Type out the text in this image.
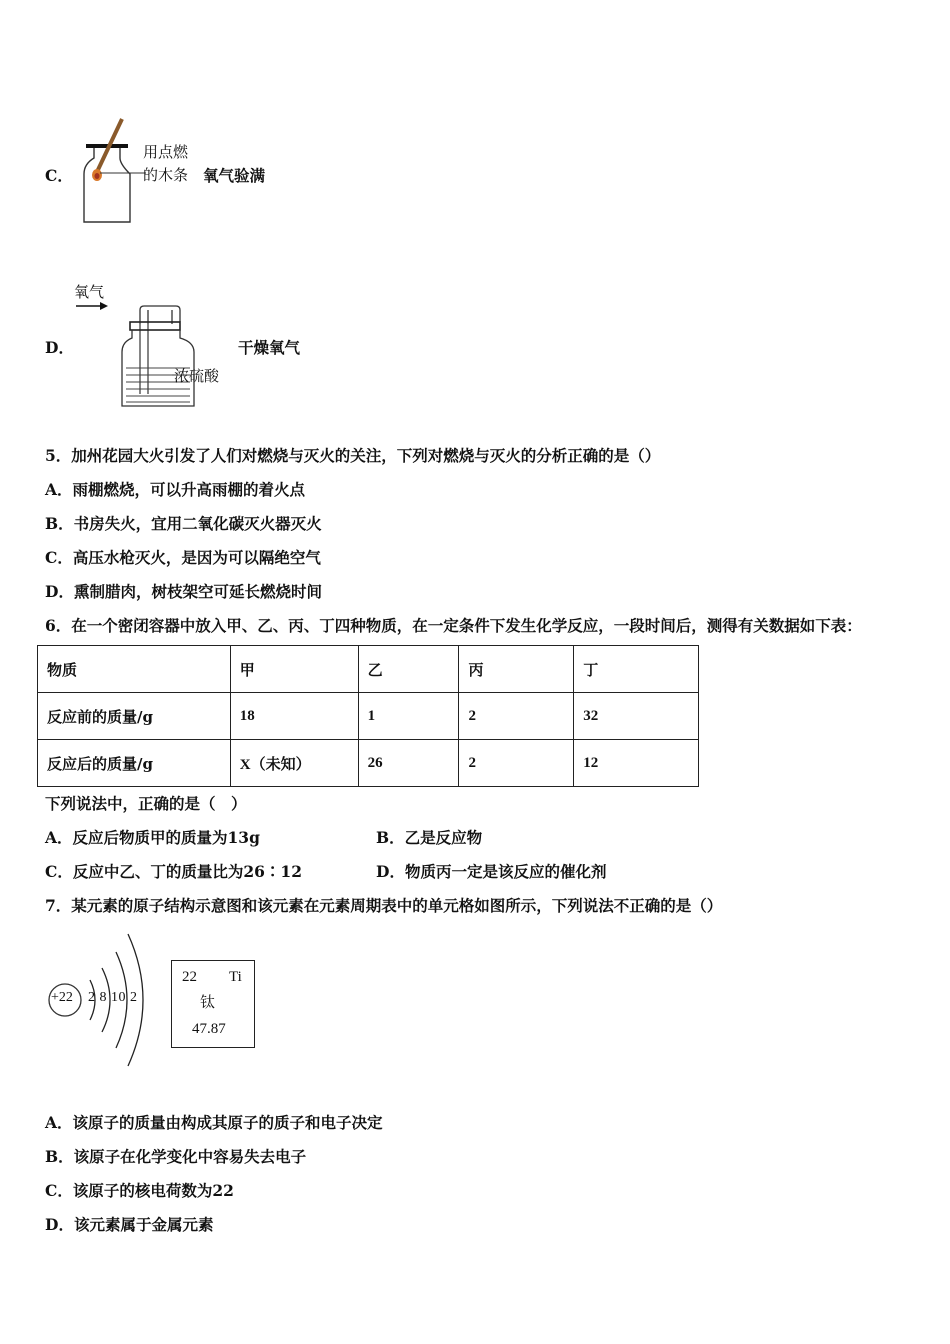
C．
用点燃
的木条 氧气验满
D．
氧气
浓硫酸
干燥氧气
5．加州花园大火引发了人们对燃烧与灭火的关注，下列对燃烧与灭火的分析正确的是（）
A．雨棚燃烧，可以升高雨棚的着火点
B．书房失火，宜用二氧化碳灭火器灭火
C．高压水枪灭火，是因为可以隔绝空气
D．熏制腊肉，树枝架空可延长燃烧时间
6．在一个密闭容器中放入甲、乙、丙、丁四种物质，在一定条件下发生化学反应，一段时间后，测得有关数据如下表：
物质	甲	乙	丙	丁
反应前的质量/g	18	1	2	32
反应后的质量/g	X（未知）	26	2	12
下列说法中，正确的是（　）
A．反应后物质甲的质量为13g	B．乙是反应物
C．反应中乙、丁的质量比为26∶12	D．物质丙一定是该反应的催化剂
7．某元素的原子结构示意图和该元素在元素周期表中的单元格如图所示，下列说法不正确的是（）
+22 2 8 10 2
22 Ti
钛
47.87
A．该原子的质量由构成其原子的质子和电子决定
B．该原子在化学变化中容易失去电子
C．该原子的核电荷数为22
D．该元素属于金属元素
